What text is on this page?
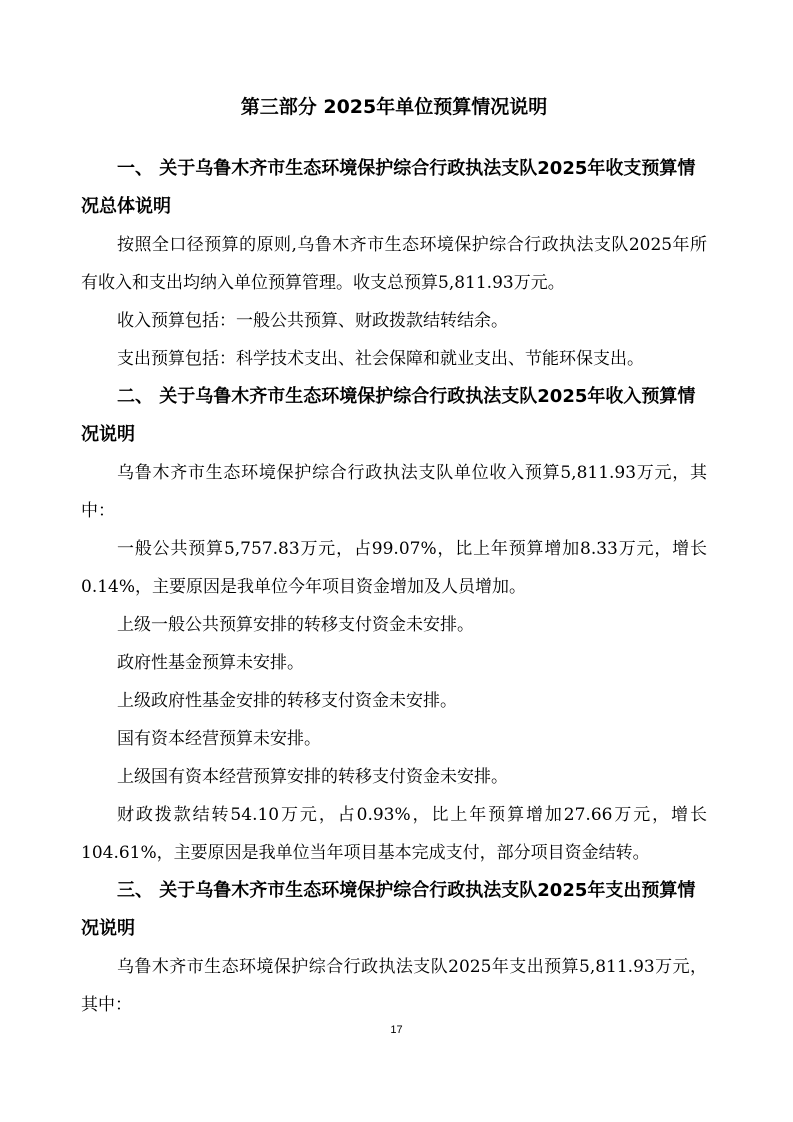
第三部分 2025年单位预算情况说明
一、 关于乌鲁木齐市生态环境保护综合行政执法支队2025年收支预算情况总体说明

按照全口径预算的原则,乌鲁木齐市生态环境保护综合行政执法支队2025年所有收入和支出均纳入单位预算管理。收支总预算5,811.93万元。

收入预算包括：一般公共预算、财政拨款结转结余。

支出预算包括：科学技术支出、社会保障和就业支出、节能环保支出。

二、 关于乌鲁木齐市生态环境保护综合行政执法支队2025年收入预算情况说明

乌鲁木齐市生态环境保护综合行政执法支队单位收入预算5,811.93万元，其中：

一般公共预算5,757.83万元，占99.07%，比上年预算增加8.33万元，增长0.14%，主要原因是我单位今年项目资金增加及人员增加。

上级一般公共预算安排的转移支付资金未安排。

政府性基金预算未安排。

上级政府性基金安排的转移支付资金未安排。

国有资本经营预算未安排。

上级国有资本经营预算安排的转移支付资金未安排。

财政拨款结转54.10万元，占0.93%，比上年预算增加27.66万元，增长104.61%，主要原因是我单位当年项目基本完成支付，部分项目资金结转。

三、 关于乌鲁木齐市生态环境保护综合行政执法支队2025年支出预算情况说明

乌鲁木齐市生态环境保护综合行政执法支队2025年支出预算5,811.93万元，其中：

17
